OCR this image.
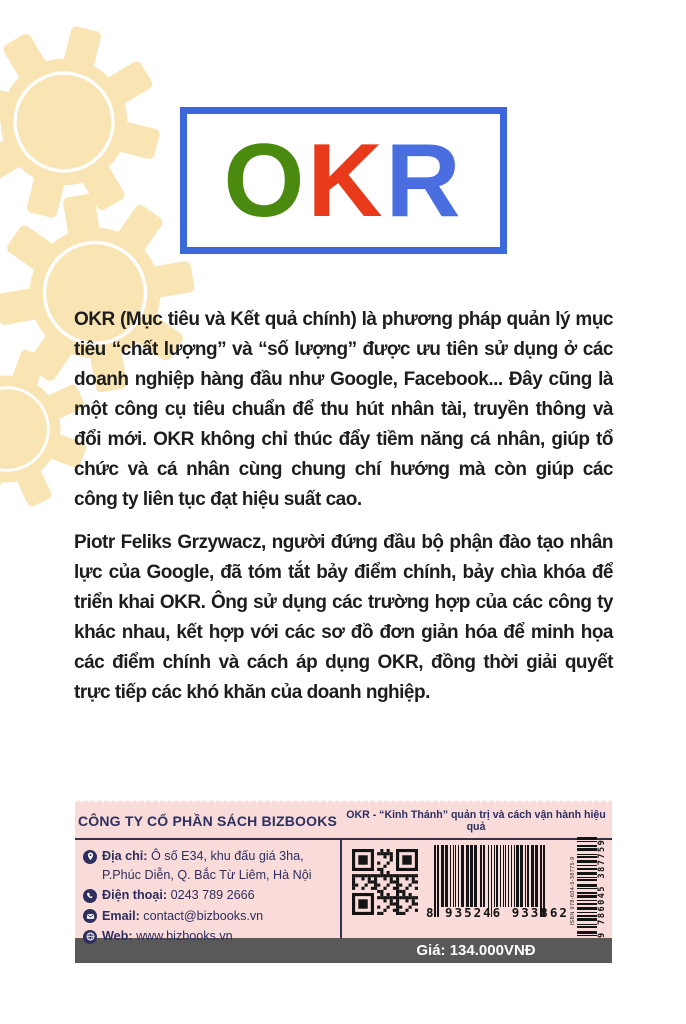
O K R

OKR (Mục tiêu và Kết quả chính) là phương pháp quản lý mục tiêu “chất lượng” và “số lượng” được ưu tiên sử dụng ở các doanh nghiệp hàng đầu như Google, Facebook... Đây cũng là một công cụ tiêu chuẩn để thu hút nhân tài, truyền thông và đổi mới. OKR không chỉ thúc đẩy tiềm năng cá nhân, giúp tổ chức và cá nhân cùng chung chí hướng mà còn giúp các công ty liên tục đạt hiệu suất cao.

Piotr Feliks Grzywacz, người đứng đầu bộ phận đào tạo nhân lực của Google, đã tóm tắt bảy điểm chính, bảy chìa khóa để triển khai OKR. Ông sử dụng các trường hợp của các công ty khác nhau, kết hợp với các sơ đồ đơn giản hóa để minh họa các điểm chính và cách áp dụng OKR, đồng thời giải quyết trực tiếp các khó khăn của doanh nghiệp.

CÔNG TY CỔ PHẦN SÁCH BIZBOOKS OKR - “Kinh Thánh” quản trị và cách vận hành hiệu quả
Địa chỉ: Ô số E34, khu đấu giá 3ha, P.Phúc Diễn, Q. Bắc Từ Liêm, Hà Nội
Điện thoại: 0243 789 2666
Email: contact@bizbooks.vn
Web: www.bizbooks.vn
8 935246 933862 ISBN 978-604-5-38775-9 9 786045 387759
Giá: 134.000VNĐ
